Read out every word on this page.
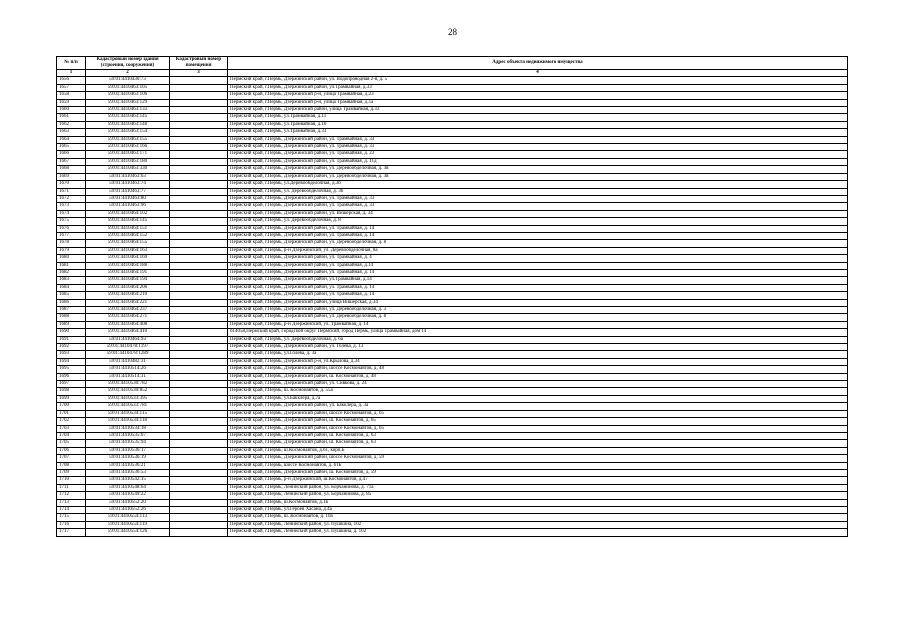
28
№ п/п	Кадастровый номер здания (строения, сооружения)	Кадастровый номер помещения	Адрес объекта недвижимого имущества
1	2	3	4
1656	59:01:4410430:73		Пермский край, г.Пермь, Дзержинский район, ул. Водопроводная 2-я, д. 5
1657	59:01:4410463:105		Пермский край, г.Пермь, Дзержинский район, ул.Трамвайная, д.33
1658	59:01:4410463:106		Пермский край, г.Пермь, Дзержинский р-н, улица Трамвайная, д.23
1659	59:01:4410463:129		Пермский край, г.Пермь, Дзержинский р-н, улица Трамвайная, д.1а
1660	59:01:4410463:133		Пермский край, г.Пермь, Дзержинский район, улица Трамвайная, д.33
1661	59:01:4410463:145		Пермский край, г.Пермь, ул.Трамвайная, д.11
1662	59:01:4410463:148		Пермский край, г.Пермь, ул.Трамвайная, д.10
1663	59:01:4410463:154		Пермский край, г.Пермь, ул.Трамвайная, д.33
1664	59:01:4410463:155		Пермский край, г.Пермь, Дзержинский район, ул. Трамвайная, д. 33
1665	59:01:4410463:166		Пермский край, г.Пермь, Дзержинский район, ул. Трамвайная, д. 33
1666	59:01:4410463:171		Пермский край, г.Пермь, Дзержинский район, ул. Трамвайная, д. 23
1667	59:01:4410463:180		Пермский край, г.Пермь, Дзержинский район, ул. Трамвайная, д. 11д
1668	59:01:4410463:330		Пермский край, г.Пермь, Дзержинский район, ул. Деревообделочная, д. 3в
1669	59:01:4410463:63		Пермский край, г.Пермь, Дзержинский район, ул. Деревообделочная, д. 3в
1670	59:01:4410463:74		Пермский край, г.Пермь, ул.Деревообделочная, д.3б
1671	59:01:4410463:77		Пермский край, г.Пермь, ул. Деревообделочная, д. 3б
1672	59:01:4410463:80		Пермский край, г.Пермь, Дзержинский район, ул. Трамвайная, д. 33
1673	59:01:4410463:96		Пермский край, г.Пермь, Дзержинский район, ул. Трамвайная, д. 33
1674	59:01:4410464:102		Пермский край, г.Пермь, Дзержинский район, ул. Вишерская, д. 34
1675	59:01:4410464:145		Пермский край, г.Пермь, ул. Деревообделочная, д. 8
1676	59:01:4410464:151		Пермский край, г.Пермь, Дзержинский район, ул. Трамвайная, д. 14
1677	59:01:4410464:152		Пермский край, г.Пермь, Дзержинский район, ул. Трамвайная, д. 14
1678	59:01:4410464:155		Пермский край, г.Пермь, Дзержинский район, ул. Деревообделочная, д. 8
1679	59:01:4410464:163		Пермский край, г.Пермь, р-н Дзержинский, ул. Деревообделочная, 8а
1680	59:01:4410464:169		Пермский край, г.Пермь, Дзержинский район, ул. Трамвайная, д. 4
1681	59:01:4410464:188		Пермский край, г.Пермь, Дзержинский район, ул. Трамвайная, д.14
1682	59:01:4410464:191		Пермский край, г.Пермь, Дзержинский район, ул. Трамвайная, д. 14
1683	59:01:4410464:194		Пермский край, г.Пермь, Дзержинский район, ул.Трамвайная, д.14
1684	59:01:4410464:206		Пермский край, г.Пермь, Дзержинский район, ул. Трамвайная, д. 14
1685	59:01:4410464:210		Пермский край, г.Пермь, Дзержинский район, ул. Трамвайная, д. 14
1686	59:01:4410464:221		Пермский край, г.Пермь, Дзержинский район, улица Вишерская, д.34
1687	59:01:4410464:237		Пермский край, г.Пермь, Дзержинский район, ул. Деревообделочная, д. 3
1688	59:01:4410464:271		Пермский край, г.Пермь, Дзержинский район, ул. Деревообделочная, д. 8
1689	59:01:4410464:408		Пермский край, г.Пермь, р-н Дзержинский, ул. Трамвайная, д. 14
1690	59:01:4410464:410		614058,Пермский край, Городской округ Пермский, город Пермь, улица Трамвайная, дом 14
1691	59:01:4410464:93		Пермский край, г.Пермь, ул. Деревообделочная, д. 6а
1692	59:01:4410478:1197		Пермский край, г.Пермь, Дзержинский район, ул. Голева, д. 13
1693	59:01:4410478:1289		Пермский край, г.Пермь, ул.Голева, д. 3а
1694	59:01:4410482:31		Пермский край, г.Пермь, Дзержинский р-н, ул.Крылова, д.34
1695	59:01:4410514:26		Пермский край, г.Пермь, Дзержинский район, шоссе Космонавтов, д. 48
1696	59:01:4410514:31		Пермский край, г.Пермь, Дзержинский район, ш. Космонавтов, д. 48
1697	59:01:4410530:782		Пермский край, г.Пермь, Дзержинский район, ул. Сивкова, д. 24
1698	59:01:4410530:852		Пермский край, г.Пермь, ш. Космонавтов, д. 55а
1699	59:01:4410533:395		Пермский край, г.Пермь, ул.Бакклера, д.7а
1700	59:01:4410533:781		Пермский край, г.Пермь, Дзержинский район, ул. Бакклера, д. 3а
1701	59:01:4410534:115		Пермский край, г.Пермь, Дзержинский район, шоссе Космонавтов, д. 65
1702	59:01:4410534:118		Пермский край, г.Пермь, Дзержинский район, ш. Космонавтов, д. 65
1703	59:01:4410534:18		Пермский край, г.Пермь, Дзержинский район, шоссе Космонавтов, д. 65
1704	59:01:4410535:67		Пермский край, г.Пермь, Дзержинский район, ш. Космонавтов, д. 63
1705	59:01:4410535:94		Пермский край, г.Пермь, Дзержинский район, ш. Космонавтов, д. 63
1706	59:01:4410536:17		Пермский край, г.Пермь, ш.Космонавтов, д.61, корп.Б
1707	59:01:4410536:19		Пермский край, г.Пермь, Дзержинский район, шоссе Космонавтов, д. 59
1708	59:01:4410536:21		Пермский край, г.Пермь, шоссе Космонавтов, д. 61Б
1709	59:01:4410536:53		Пермский край, г.Пермь, Дзержинский район, ш. Космонавтов, д. 59
1710	59:01:4410542:15		Пермский край, г.Пермь, р-н Дзержинский, ш.Космонавтов, д.47
1711	59:01:4410548:64		Пермский край, г.Пермь, Ленинский район, ул. Борчанинова, д. 71а
1712	59:01:4410549:22		Пермский край, г.Пермь, Ленинский район, ул. Борчанинова, д. 85
1713	59:01:4410552:20		Пермский край, г.Пермь, ш.Космонавтов, д.1в
1714	59:01:4410552:26		Пермский край, г.Пермь, ул.Героев Хасана, д.4а
1715	59:01:4410554:113		Пермский край, г.Пермь, ш. Космонавтов, д. 10а
1716	59:01:4410554:119		Пермский край, г.Пермь, Ленинский район, ул. Пушкина, 102
1717	59:01:4410554:126		Пермский край, г.Пермь, Ленинский район, ул. Пушкина, д. 102
